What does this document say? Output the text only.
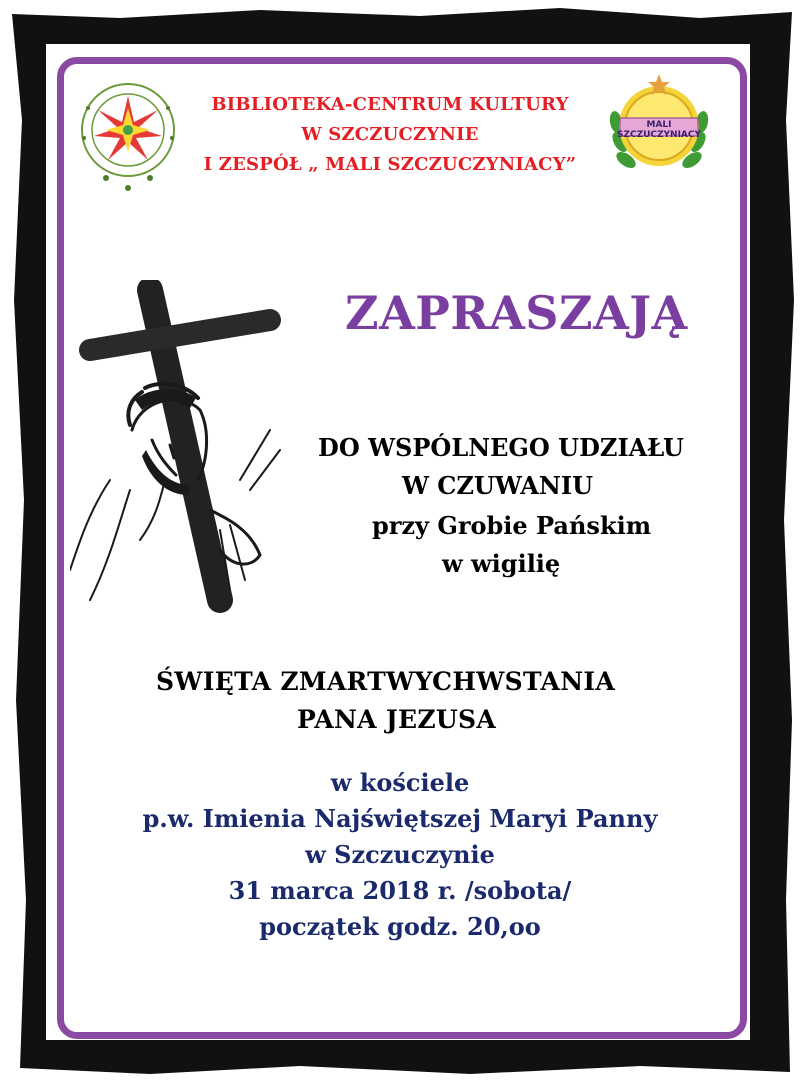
MALI
SZCZUCZYNIACY
BIBLIOTEKA-CENTRUM KULTURY
W SZCZUCZYNIE
I ZESPÓŁ „ MALI SZCZUCZYNIACY”
ZAPRASZAJĄ
DO WSPÓLNEGO UDZIAŁU
W CZUWANIU
przy Grobie Pańskim
w wigilię
ŚWIĘTA ZMARTWYCHWSTANIA
PANA JEZUSA
w kościele
p.w. Imienia Najświętszej Maryi Panny
w Szczuczynie
31 marca 2018 r. /sobota/
początek godz. 20,oo
